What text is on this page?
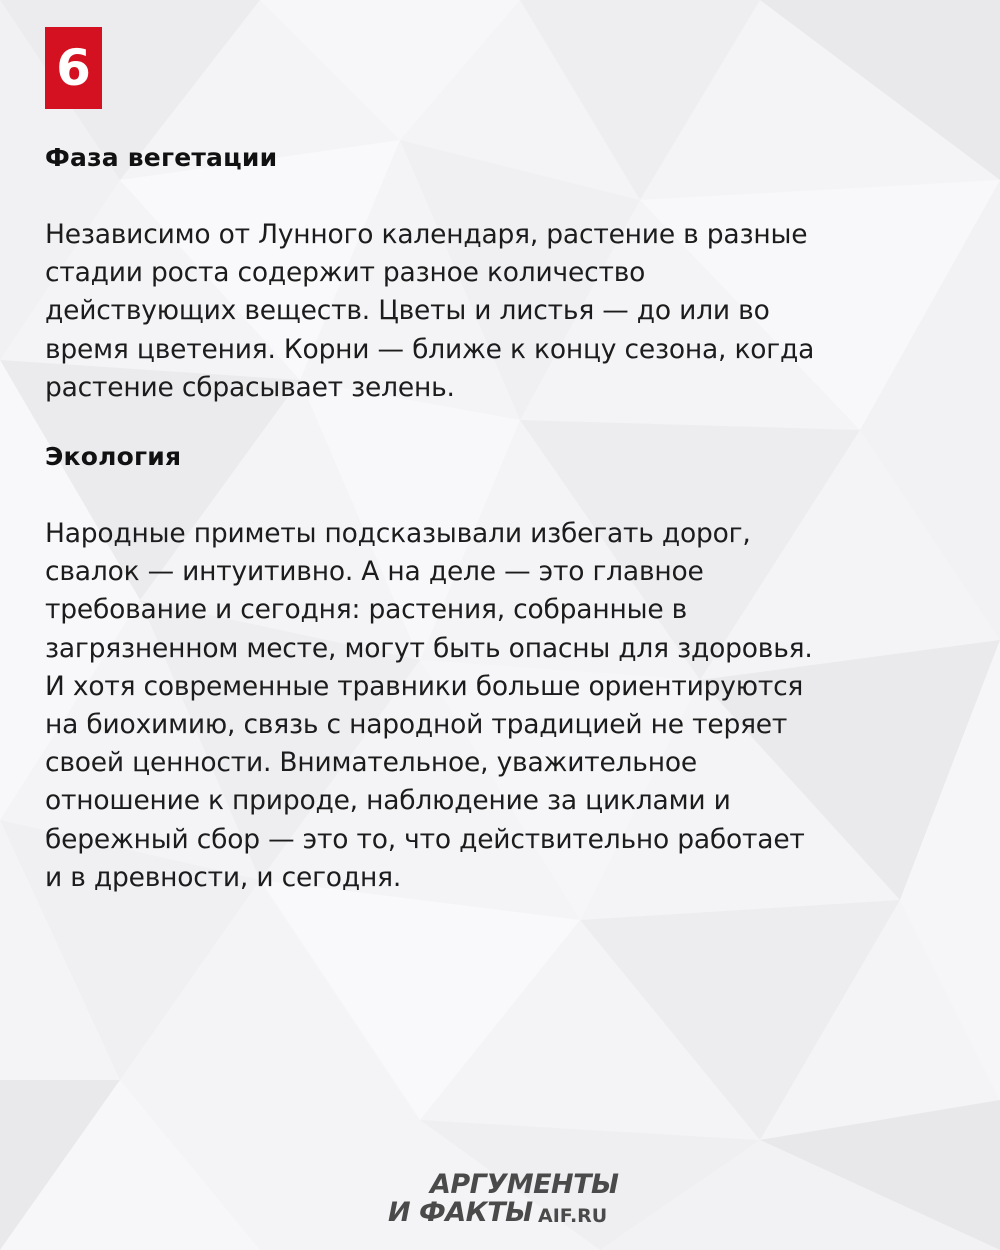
6
Фаза вегетации
Независимо от Лунного календаря, растение в разные
стадии роста содержит разное количество
действующих веществ. Цветы и листья — до или во
время цветения. Корни — ближе к концу сезона, когда
растение сбрасывает зелень.
Экология
Народные приметы подсказывали избегать дорог,
свалок — интуитивно. А на деле — это главное
требование и сегодня: растения, собранные в
загрязненном месте, могут быть опасны для здоровья.
И хотя современные травники больше ориентируются
на биохимию, связь с народной традицией не теряет
своей ценности. Внимательное, уважительное
отношение к природе, наблюдение за циклами и
бережный сбор — это то, что действительно работает
и в древности, и сегодня.
АРГУМЕНТЫ
И ФАКТЫ AIF.RU
